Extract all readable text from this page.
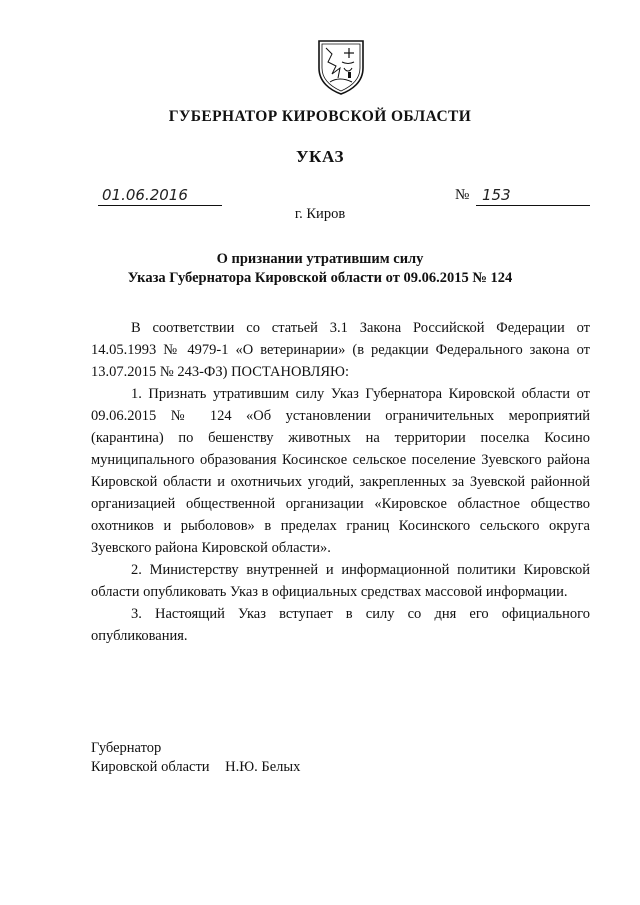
ГУБЕРНАТОР КИРОВСКОЙ ОБЛАСТИ
УКАЗ
01.06.2016	№ 153
г. Киров
О признании утратившим силу
Указа Губернатора Кировской области от 09.06.2015 № 124

В соответствии со статьей 3.1 Закона Российской Федерации от 14.05.1993 № 4979-1 «О ветеринарии» (в редакции Федерального закона от 13.07.2015 № 243-ФЗ) ПОСТАНОВЛЯЮ:

1. Признать утратившим силу Указ Губернатора Кировской области от 09.06.2015 № 124 «Об установлении ограничительных мероприятий (карантина) по бешенству животных на территории поселка Косино муниципального образования Косинское сельское поселение Зуевского района Кировской области и охотничьих угодий, закрепленных за Зуевской районной организацией общественной организации «Кировское областное общество охотников и рыболовов» в пределах границ Косинского сельского округа Зуевского района Кировской области».

2. Министерству внутренней и информационной политики Кировской области опубликовать Указ в официальных средствах массовой информации.

3. Настоящий Указ вступает в силу со дня его официального опубликования.

Губернатор
Кировской области Н.Ю. Белых
